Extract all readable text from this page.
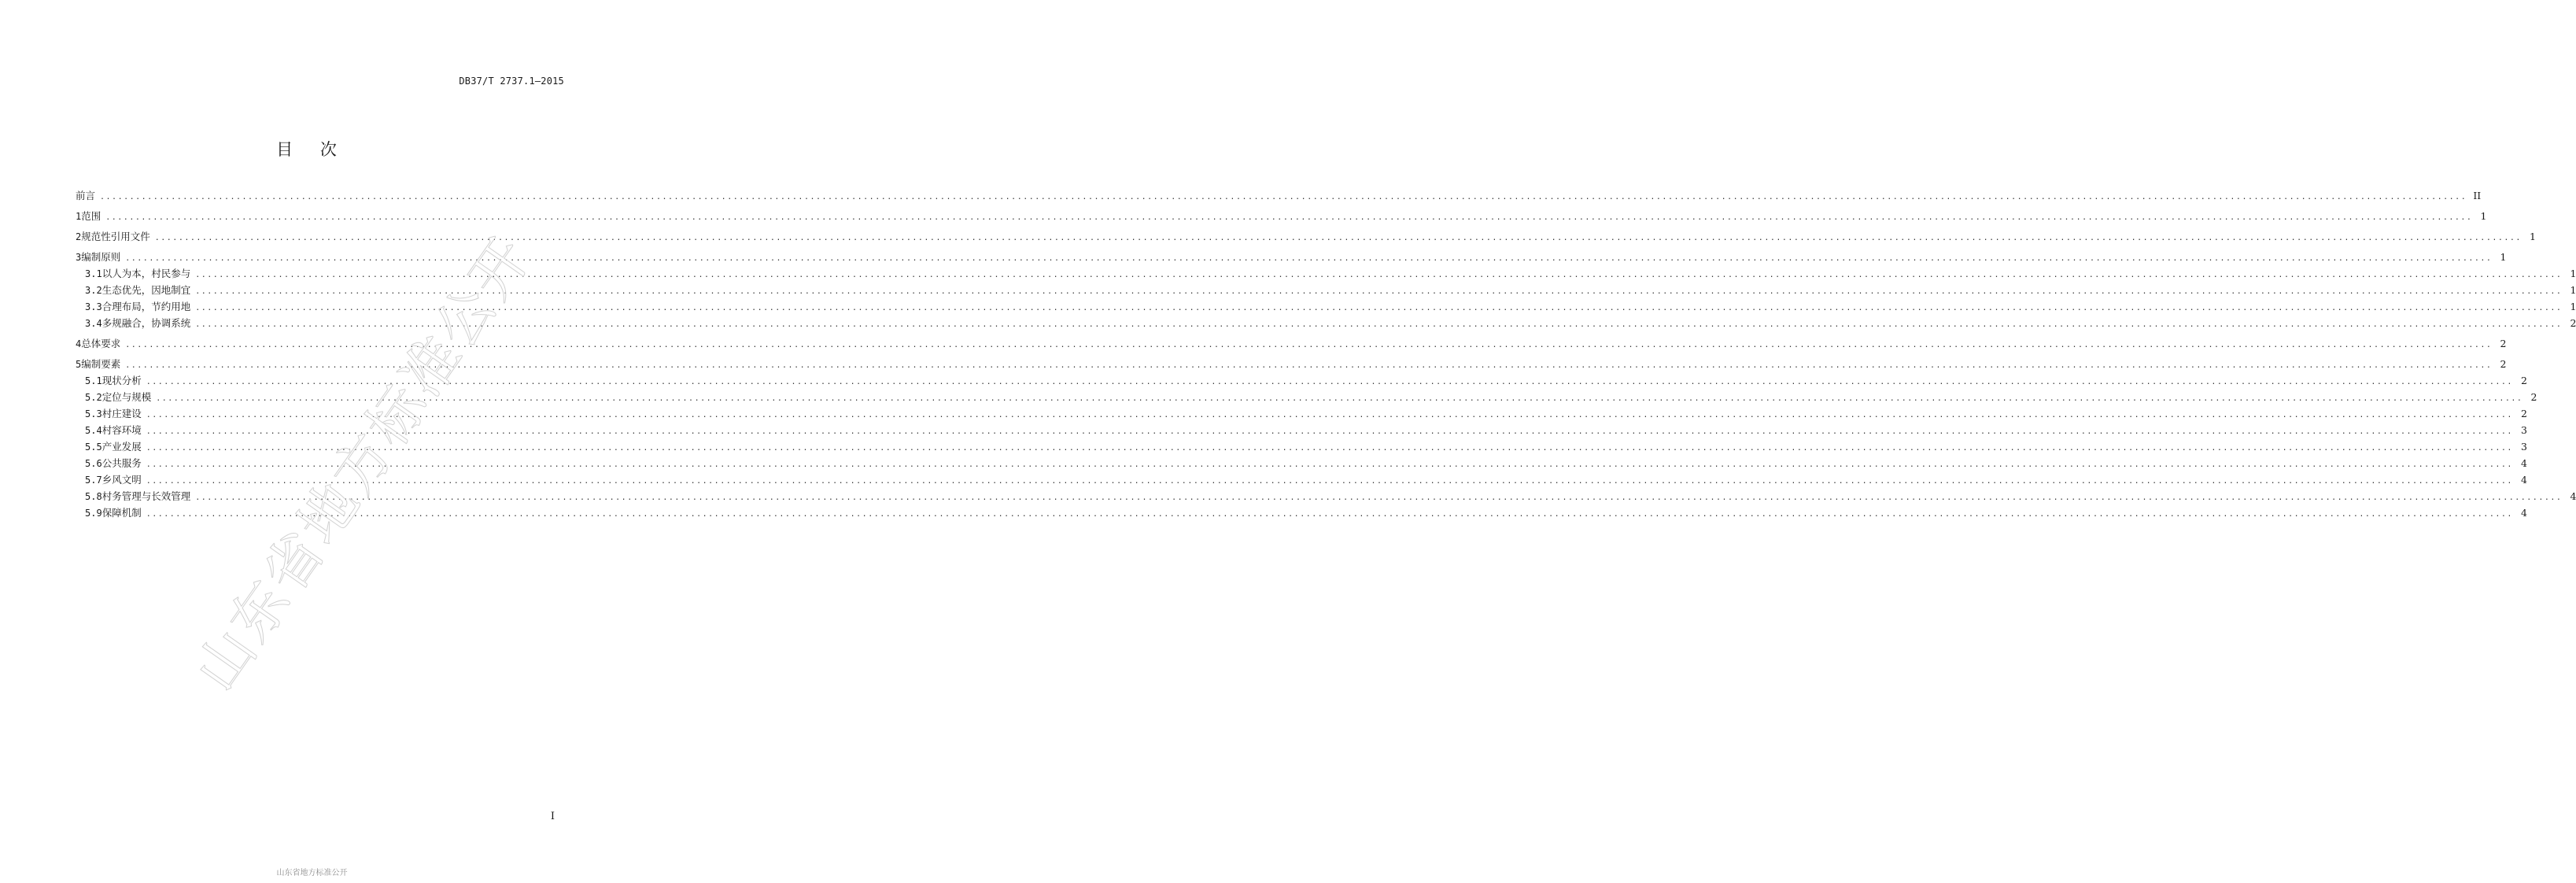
DB37/T 2737.1—2015
目 次
前言 ................................................................................................................................................................................................................................................................................................................................................................................................................ II
1 范围 ................................................................................................................................................................................................................................................................................................................................................................................................................ 1
2 规范性引用文件 ................................................................................................................................................................................................................................................................................................................................................................................................................ 1
3 编制原则 ................................................................................................................................................................................................................................................................................................................................................................................................................ 1
3.1 以人为本，村民参与 ................................................................................................................................................................................................................................................................................................................................................................................................................ 1
3.2 生态优先，因地制宜 ................................................................................................................................................................................................................................................................................................................................................................................................................ 1
3.3 合理布局，节约用地 ................................................................................................................................................................................................................................................................................................................................................................................................................ 1
3.4 多规融合，协调系统 ................................................................................................................................................................................................................................................................................................................................................................................................................ 2
4 总体要求 ................................................................................................................................................................................................................................................................................................................................................................................................................ 2
5 编制要素 ................................................................................................................................................................................................................................................................................................................................................................................................................ 2
5.1 现状分析 ................................................................................................................................................................................................................................................................................................................................................................................................................ 2
5.2 定位与规模 ................................................................................................................................................................................................................................................................................................................................................................................................................ 2
5.3 村庄建设 ................................................................................................................................................................................................................................................................................................................................................................................................................ 2
5.4 村容环境 ................................................................................................................................................................................................................................................................................................................................................................................................................ 3
5.5 产业发展 ................................................................................................................................................................................................................................................................................................................................................................................................................ 3
5.6 公共服务 ................................................................................................................................................................................................................................................................................................................................................................................................................ 4
5.7 乡风文明 ................................................................................................................................................................................................................................................................................................................................................................................................................ 4
5.8 村务管理与长效管理 ................................................................................................................................................................................................................................................................................................................................................................................................................ 4
5.9 保障机制 ................................................................................................................................................................................................................................................................................................................................................................................................................ 4
山东省地方标准公开
I
山东省地方标准公开
